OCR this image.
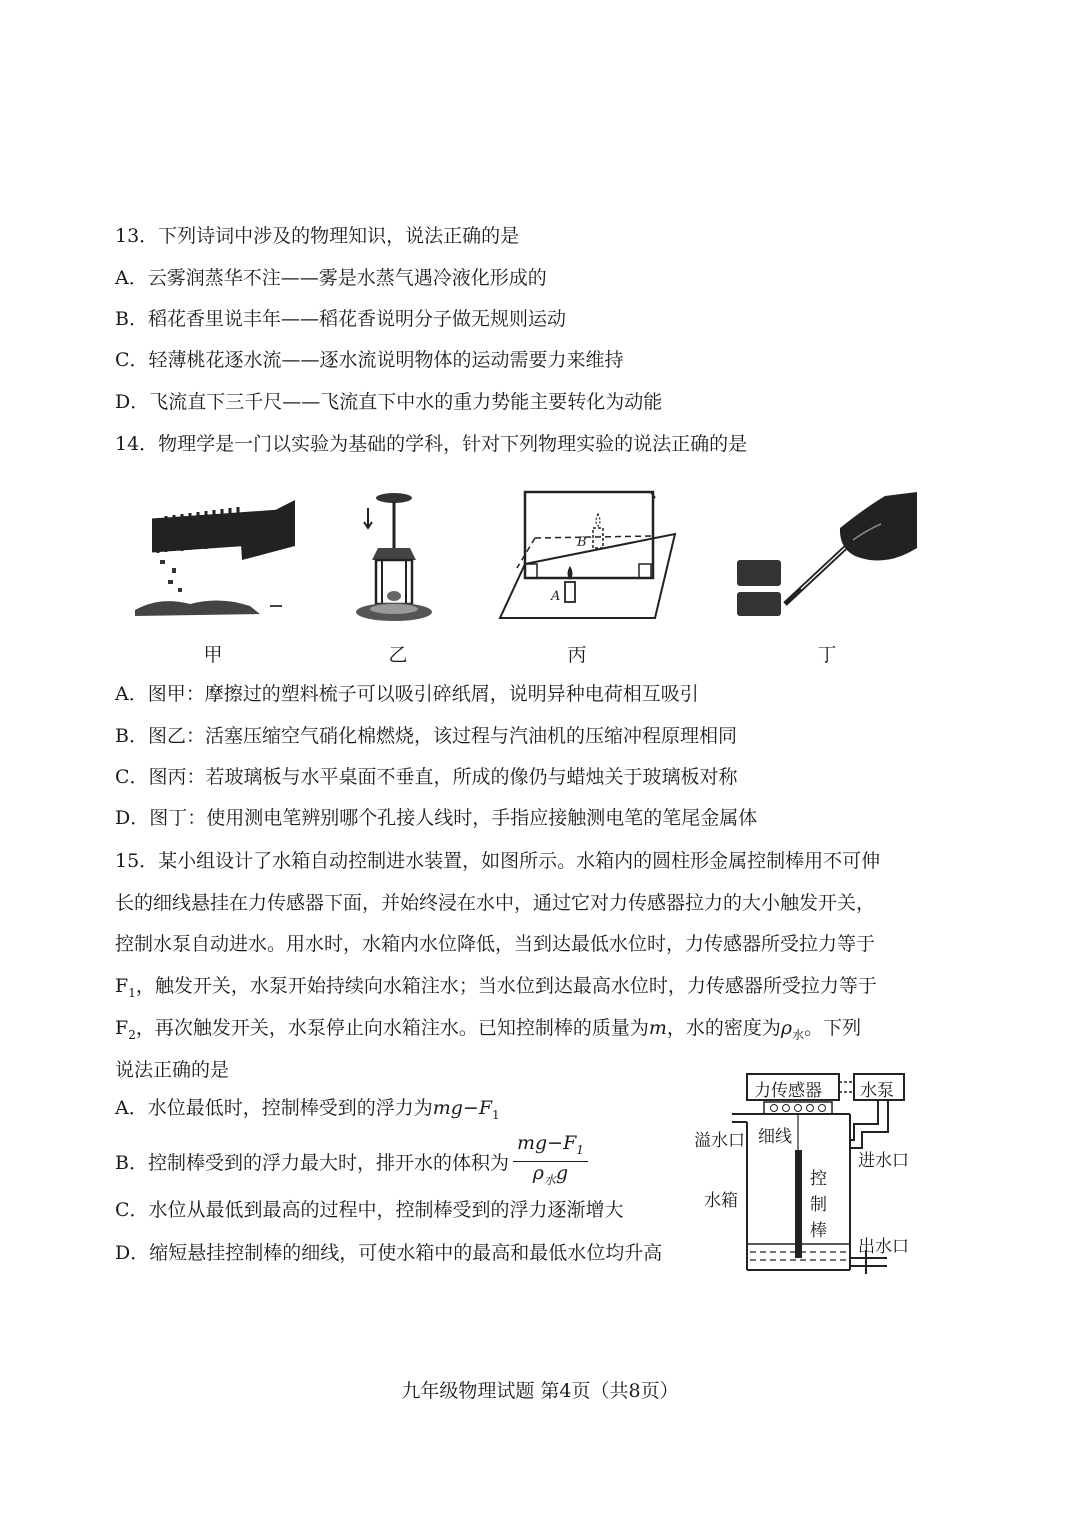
13．下列诗词中涉及的物理知识，说法正确的是
A．云雾润蒸华不注——雾是水蒸气遇冷液化形成的
B．稻花香里说丰年——稻花香说明分子做无规则运动
C．轻薄桃花逐水流——逐水流说明物体的运动需要力来维持
D．飞流直下三千尺——飞流直下中水的重力势能主要转化为动能
14．物理学是一门以实验为基础的学科，针对下列物理实验的说法正确的是
甲	乙
B
A
丙	丁
A．图甲：摩擦过的塑料梳子可以吸引碎纸屑，说明异种电荷相互吸引
B．图乙：活塞压缩空气硝化棉燃烧，该过程与汽油机的压缩冲程原理相同
C．图丙：若玻璃板与水平桌面不垂直，所成的像仍与蜡烛关于玻璃板对称
D．图丁：使用测电笔辨别哪个孔接人线时，手指应接触测电笔的笔尾金属体
15．某小组设计了水箱自动控制进水装置，如图所示。水箱内的圆柱形金属控制棒用不可伸
长的细线悬挂在力传感器下面，并始终浸在水中，通过它对力传感器拉力的大小触发开关，
控制水泵自动进水。用水时，水箱内水位降低，当到达最低水位时，力传感器所受拉力等于
$F_1$，触发开关，水泵开始持续向水箱注水；当水位到达最高水位时，力传感器所受拉力等于
$F_2$，再次触发开关，水泵停止向水箱注水。已知控制棒的质量为m，水的密度为$\rho_水$。下列
说法正确的是
A．水位最低时，控制棒受到的浮力为$mg-F_1$
B．控制棒受到的浮力最大时，排开水的体积为 $\frac{mg-F_1}{\rho_水g}$
C．水位从最低到最高的过程中，控制棒受到的浮力逐渐增大
D．缩短悬挂控制棒的细线，可使水箱中的最高和最低水位均升高
力传感器 水泵
溢水口 细线
进水口
水箱
控
制
棒
出水口
九年级物理试题 第4页（共8页）
